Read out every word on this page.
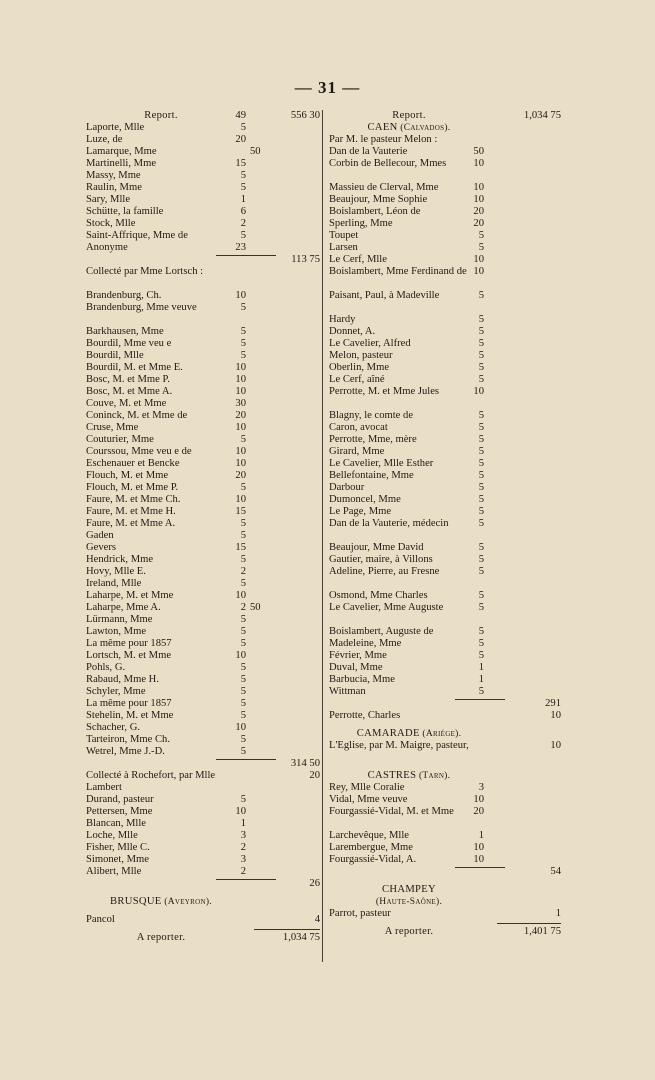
— 31 —
Report.	49	556 30
Laporte, Mlle	5
Luze, de	20
Lamarque, Mme	50
Martinelli, Mme	15
Massy, Mme	5
Raulin, Mme	5
Sary, Mlle	1
Schütte, la famille	6
Stock, Mlle	2
Saint-Affrique, Mme de	5
Anonyme	23
113 75
Collecté par Mme Lortsch :
Brandenburg, Ch.	10
Brandenburg, Mme veuve	5
Barkhausen, Mme	5
Bourdil, Mme veu e	5
Bourdil, Mlle	5
Bourdil, M. et Mme E.	10
Bosc, M. et Mme P.	10
Bosc, M. et Mme A.	10
Couve, M. et Mme	30
Coninck, M. et Mme de	20
Cruse, Mme	10
Couturier, Mme	5
Courssou, Mme veu e de	10
Eschenauer et Bencke	10
Flouch, M. et Mme	20
Flouch, M. et Mme P.	5
Faure, M. et Mme Ch.	10
Faure, M. et Mme H.	15
Faure, M. et Mme A.	5
Gaden	5
Gevers	15
Hendrick, Mme	5
Hovy, Mlle E.	2
Ireland, Mlle	5
Laharpe, M. et Mme	10
Laharpe, Mme A.	2 50
Lürmann, Mme	5
Lawton, Mme	5
La même pour 1857	5
Lortsch, M. et Mme	10
Pohls, G.	5
Rabaud, Mme H.	5
Schyler, Mme	5
La même pour 1857	5
Stehelin, M. et Mme	5
Schacher, G.	10
Tarteiron, Mme Ch.	5
Wetrel, Mme J.-D.	5
314 50
Collecté à Rochefort, par Mlle Lambert
20
Durand, pasteur	5
Pettersen, Mme	10
Blancan, Mlle	1
Loche, Mlle	3
Fisher, Mlle C.	2
Simonet, Mme	3
Alibert, Mlle	2
26
BRUSQUE (Aveyron).
Pancol	4
A reporter.	1,034 75
Report.	1,034 75
CAEN (Calvados).
Par M. le pasteur Melon :
Dan de la Vauterie	50
Corbin de Bellecour, Mmes	10
Massieu de Clerval, Mme	10
Beaujour, Mme Sophie	10
Boislambert, Léon de	20
Sperling, Mme	20
Toupet	5
Larsen	5
Le Cerf, Mlle	10
Boislambert, Mme Ferdinand de 10
Paisant, Paul, à Madeville	5
Hardy	5
Donnet, A.	5
Le Cavelier, Alfred	5
Melon, pasteur	5
Oberlin, Mme	5
Le Cerf, aîné	5
Perrotte, M. et Mme Jules	10
Blagny, le comte de	5
Caron, avocat	5
Perrotte, Mme, mère	5
Girard, Mme	5
Le Cavelier, Mlle Esther	5
Bellefontaine, Mme	5
Darbour	5
Dumoncel, Mme	5
Le Page, Mme	5
Dan de la Vauterie, médecin	5
Beaujour, Mme David	5
Gautier, maire, à Villons	5
Adeline, Pierre, au Fresne	5
Osmond, Mme Charles	5
Le Cavelier, Mme Auguste	5
Boislambert, Auguste de	5
Madeleine, Mme	5
Février, Mme	5
Duval, Mme	1
Barbucia, Mme	1
Wittman	5
291
Perrotte, Charles	10
CAMARADE (Ariége).
L'Eglise, par M. Maigre, pasteur,	10
CASTRES (Tarn).
Rey, Mlle Coralie	3
Vidal, Mme veuve	10
Fourgassié-Vidal, M. et Mme	20
Larchevêque, Mlle	1
Larembergue, Mme	10
Fourgassié-Vidal, A.	10
54
CHAMPEY
(Haute-Saône).
Parrot, pasteur	1
A reporter.	1,401 75
